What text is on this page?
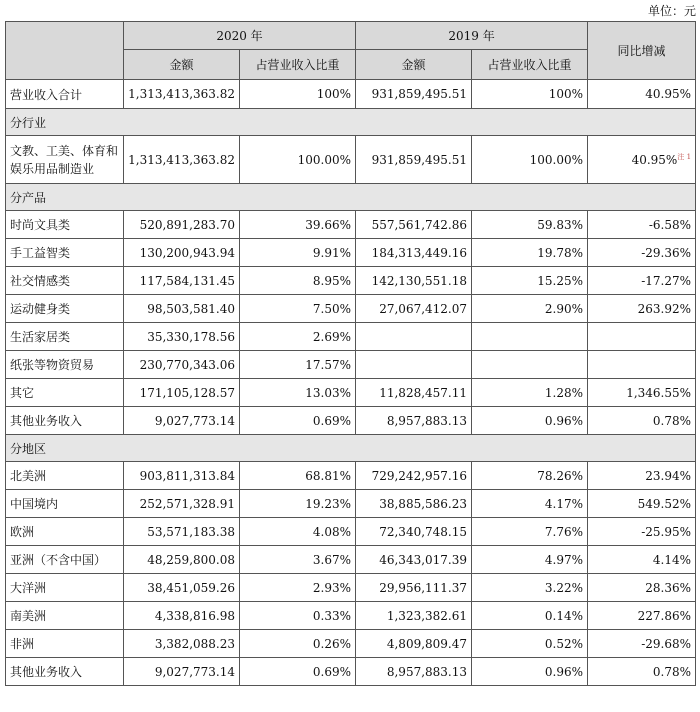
单位：元
	2020 年		2019 年		同比增减
	金额	占营业收入比重	金额	占营业收入比重	
营业收入合计	1,313,413,363.82	100%	931,859,495.51	100%	40.95%
分行业					
文教、工美、体育和娱乐用品制造业	1,313,413,363.82	100.00%	931,859,495.51	100.00%	40.95%$^{注 1}$
分产品					
时尚文具类	520,891,283.70	39.66%	557,561,742.86	59.83%	-6.58%
手工益智类	130,200,943.94	9.91%	184,313,449.16	19.78%	-29.36%
社交情感类	117,584,131.45	8.95%	142,130,551.18	15.25%	-17.27%
运动健身类	98,503,581.40	7.50%	27,067,412.07	2.90%	263.92%
生活家居类	35,330,178.56	2.69%			
纸张等物资贸易	230,770,343.06	17.57%			
其它	171,105,128.57	13.03%	11,828,457.11	1.28%	1,346.55%
其他业务收入	9,027,773.14	0.69%	8,957,883.13	0.96%	0.78%
分地区					
北美洲	903,811,313.84	68.81%	729,242,957.16	78.26%	23.94%
中国境内	252,571,328.91	19.23%	38,885,586.23	4.17%	549.52%
欧洲	53,571,183.38	4.08%	72,340,748.15	7.76%	-25.95%
亚洲（不含中国）	48,259,800.08	3.67%	46,343,017.39	4.97%	4.14%
大洋洲	38,451,059.26	2.93%	29,956,111.37	3.22%	28.36%
南美洲	4,338,816.98	0.33%	1,323,382.61	0.14%	227.86%
非洲	3,382,088.23	0.26%	4,809,809.47	0.52%	-29.68%
其他业务收入	9,027,773.14	0.69%	8,957,883.13	0.96%	0.78%
